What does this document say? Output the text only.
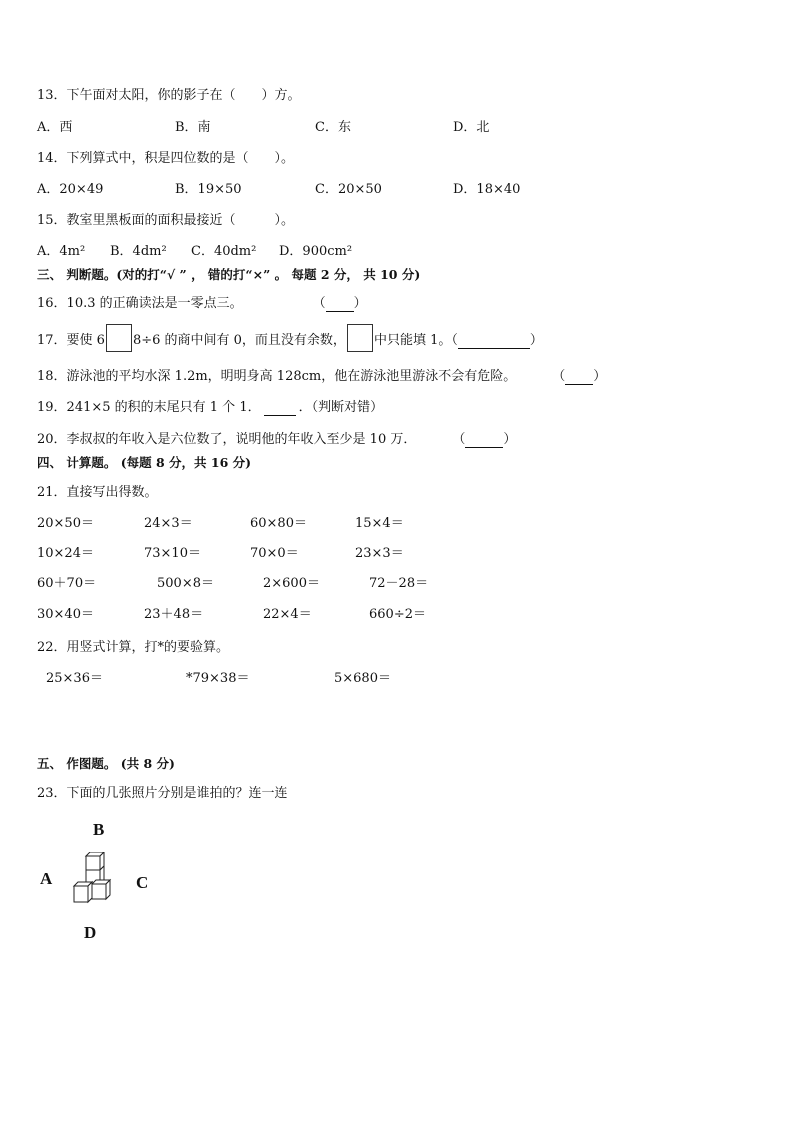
13．下午面对太阳，你的影子在（　　）方。
A．西	B．南	C．东	D．北
14．下列算式中，积是四位数的是（　　）。
A．20×49	B．19×50	C．20×50	D．18×40
15．教室里黑板面的面积最接近（　　　）。
A．4m² B．4dm² C．40dm² D．900cm²
三、 判断题。(对的打“√ ” ， 错的打“×” 。 每题 2 分， 共 10 分)
16．10.3 的正确读法是一零点三。	（ ）
17．要使 6 8÷6 的商中间有 0，而且没有余数， 中只能填 1。（	）
18．游泳池的平均水深 1.2m，明明身高 128cm，他在游泳池里游泳不会有危险。	（ ）
19．241×5 的积的末尾只有 1 个 1．	．（判断对错）
20．李叔叔的年收入是六位数了，说明他的年收入至少是 10 万．	（	）
四、 计算题。 (每题 8 分，共 16 分)
21．直接写出得数。
20×50＝	24×3＝	60×80＝	15×4＝
10×24＝	73×10＝	70×0＝	23×3＝
60＋70＝	500×8＝	2×600＝	72－28＝
30×40＝	23＋48＝	22×4＝	660÷2＝
22．用竖式计算，打*的要验算。
25×36＝	*79×38＝	5×680＝
五、 作图题。 (共 8 分)
23．下面的几张照片分别是谁拍的？连一连
B
A	C
D
